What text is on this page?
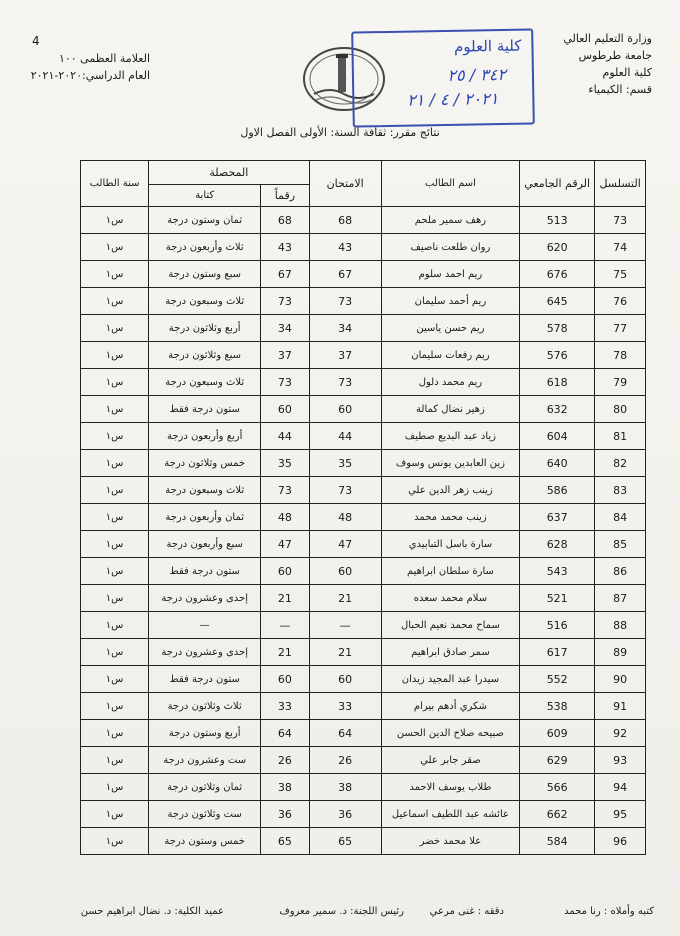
4	وزارة التعليم العالي
جامعة طرطوس
كلية العلوم
قسم: الكيمياء
العلامة العظمى ١٠٠
العام الدراسي:٢٠٢٠-٢٠٢١
كلية العلوم
٣٤٢ / ٢٥
٢٠٢١ / ٤ / ٢١
نتائج مقرر: ثقافة السنة: الأولى الفصل الاول
التسلسل	الرقم الجامعي	اسم الطالب	الامتحان	المحصلة		سنة الطالب
				رقماً	كتابة	
73	513	رهف سمير ملحم	68	68	ثمان وستون درجة	س١
74	620	روان طلعت ناصيف	43	43	ثلاث وأربعون درجة	س١
75	676	ريم احمد سلوم	67	67	سبع وستون درجة	س١
76	645	ريم أحمد سليمان	73	73	ثلاث وسبعون درجة	س١
77	578	ريم حسن ياسين	34	34	أربع وثلاثون درجة	س١
78	576	ريم رفعات سليمان	37	37	سبع وثلاثون درجة	س١
79	618	ريم محمد دلول	73	73	ثلاث وسبعون درجة	س١
80	632	زهير نضال كمالة	60	60	ستون درجة فقط	س١
81	604	زياد عبد البديع صطيف	44	44	أربع وأربعون درجة	س١
82	640	زين العابدين يونس وسوف	35	35	خمس وثلاثون درجة	س١
83	586	زينب زهر الدين علي	73	73	ثلاث وسبعون درجة	س١
84	637	زينب محمد محمد	48	48	ثمان وأربعون درجة	س١
85	628	سارة باسل التبابيدي	47	47	سبع وأربعون درجة	س١
86	543	سارة سلطان ابراهيم	60	60	ستون درجة فقط	س١
87	521	سلام محمد سعده	21	21	إحدى وعشرون درجة	س١
88	516	سماح محمد نعيم الحبال	—	—	—	س١
89	617	سمر صادق ابراهيم	21	21	إحدى وعشرون درجة	س١
90	552	سيدرا عبد المجيد زيدان	60	60	ستون درجة فقط	س١
91	538	شكري أدهم بيرام	33	33	ثلاث وثلاثون درجة	س١
92	609	صبيحه صلاح الدين الحسن	64	64	أربع وستون درجة	س١
93	629	صقر جابر علي	26	26	ست وعشرون درجة	س١
94	566	طلاب يوسف الاحمد	38	38	ثمان وثلاثون درجة	س١
95	662	عائشه عبد اللطيف اسماعيل	36	36	ست وثلاثون درجة	س١
96	584	علا محمد خضر	65	65	خمس وستون درجة	س١
كتبه وأملاه : رنا محمد
دققه : غنى مرعي
رئيس اللجنة: د. سمير معروف
عميد الكلية: د. نضال ابراهيم حسن
